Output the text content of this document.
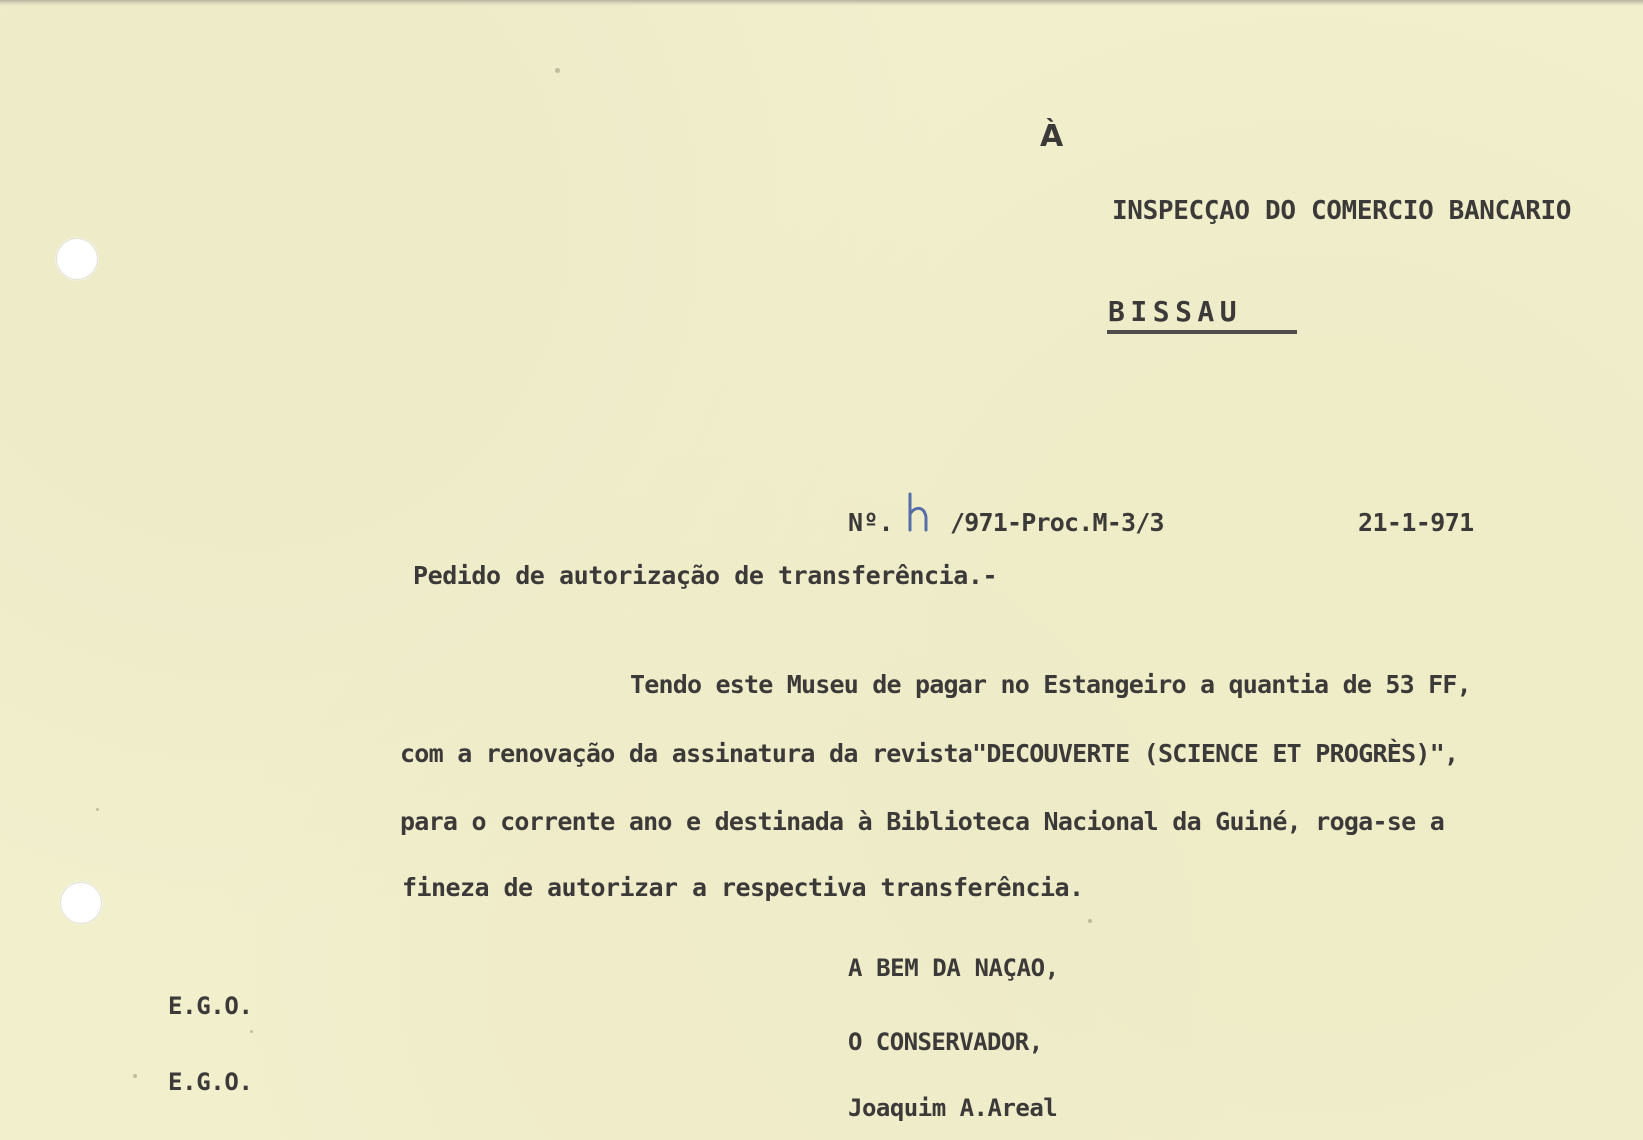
À
INSPECÇAO DO COMERCIO BANCARIO
BISSAU
Nº. /971-Proc.M-3/3	21-1-971
Pedido de autorização de transferência.-
Tendo este Museu de pagar no Estangeiro a quantia de 53 FF,
com a renovação da assinatura da revista"DECOUVERTE (SCIENCE ET PROGRÈS)",
para o corrente ano e destinada à Biblioteca Nacional da Guiné, roga-se a
fineza de autorizar a respectiva transferência.
A BEM DA NAÇAO,
O CONSERVADOR,
Joaquim A.Areal
E.G.O.
E.G.O.
